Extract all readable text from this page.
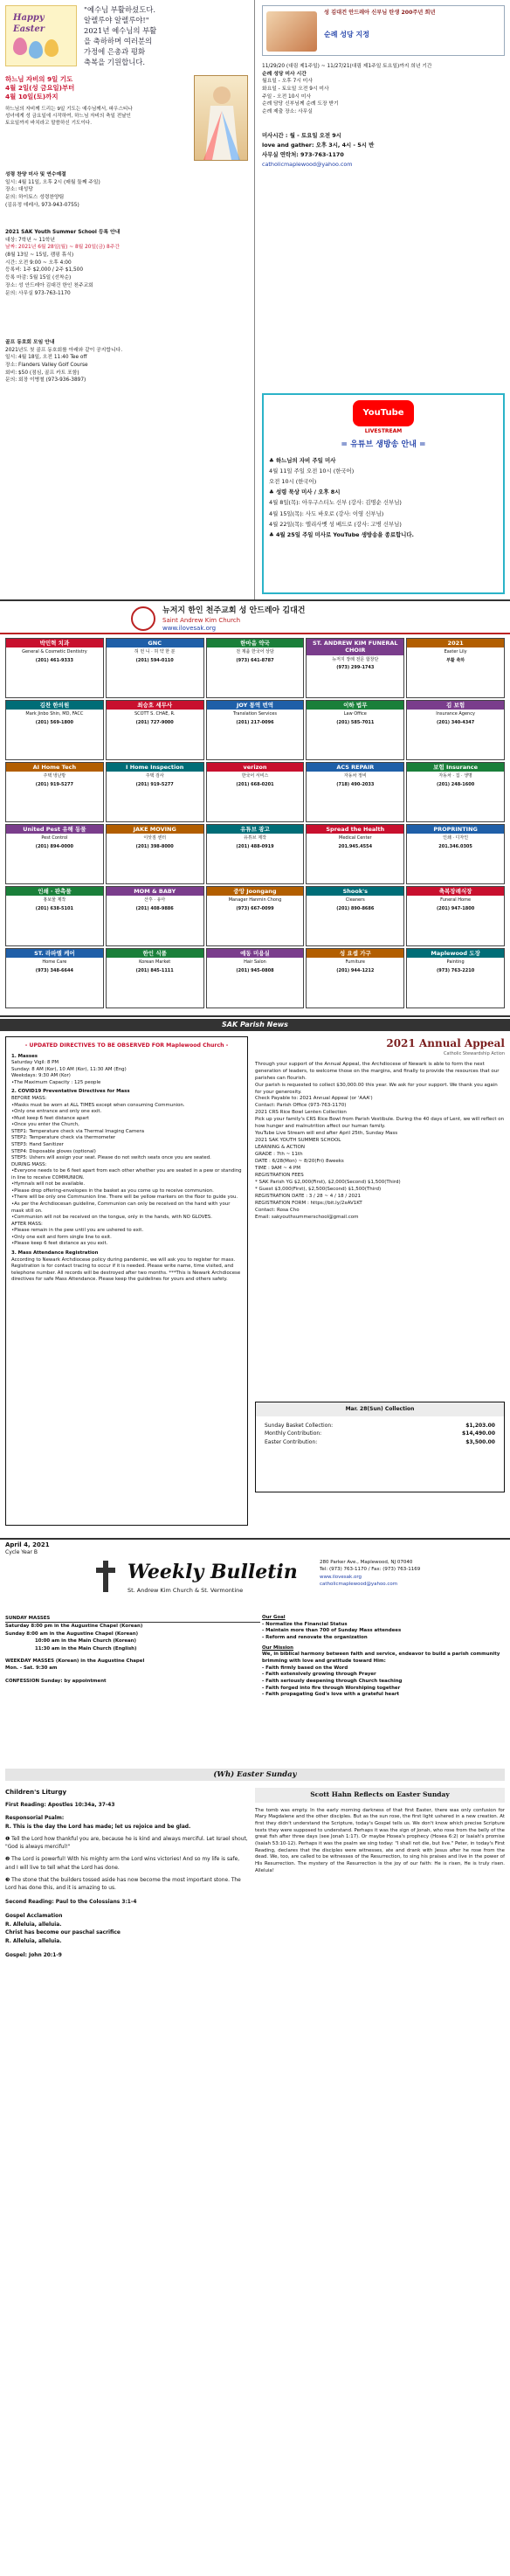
Happy
Easter
"예수님 부활하셨도다.
알렐루야 알렐루야!"
2021년 예수님의 부활
을 축하하며 여러분의
가정에 은총과 평화
축복을 기원합니다.
하느님 자비의 9일 기도
4월 2일(성 금요일)부터
4월 10일(토)까지
하느님의 자비께 드리는 9일 기도는 예수님께서, 파우스티나 성녀에게 성 금요일에 시작하여, 하느님 자비의 축일 전날인 토요일까지 바치라고 말씀하신 기도이다.
성령 찬양 미사 및 연수예절
일시: 4월 11일, 오후 2시 (매월 둘째 주일)
장소: 대성당
문의: 하이토스 성령찬양팀
(김유정 데레사, 973-943-0755)
2021 SAK Youth Summer School 등록 안내
대상: 7학년 ~ 11학년
날짜: 2021년 6월 28일(월) ~ 8월 20일(금) 8주간
(8월 13일 ~ 15일, 캠핑 휴식)
시간: 오전 9:00 ~ 오후 4:00
등록비: 1주 $2,000 / 2주 $1,500
등록 마감: 5월 15일 (선착순)
장소: 성 안드레아 김대건 한인 천주교회
문의: 사무실 973-763-1170
골프 동호회 모임 안내
2021년도 첫 골프 동호회를 아래와 같이 공지합니다.
일시: 4월 18일, 오전 11:40 Tee off
장소: Flanders Valley Golf Course
회비: $50 (점심, 골프 카트 포함)
문의: 회장 이병철 (973-936-3897)
성 김대건 안드레아 신부님 탄생 200주년 희년
순례 성당 지정
11/29/20 (대림 제1주일) ~ 11/27/21(대림 제1주일 토요일)까지 희년 기간
순례 성당 미사 시간
월요일 - 오후 7시 미사
화요일 - 토요일 오전 9시 미사
주일 - 오전 10시 미사
순례 담당 신부님께 순례 도장 받기
순례 제출 장소: 사무실
미사시간 : 월 - 토요일 오전 9시
love and gather: 오후 3시, 4시 - 5시 반
사무실 연락처: 973-763-1170
catholicmaplewood@yahoo.com
YouTube
LIVESTREAM
= 유튜브 생방송 안내 =
♣ 하느님의 자비 주일 미사
4월 11일 주일 오전 10시 (한국어)
오전 10시 (한국어)
♣ 성령 묵상 미사 / 오후 8시
4월 8일(목): 아우구스티노 신부 (강사: 김명순 신부님)
4월 15일(목): 사도 바오로 (강사: 이영 신부님)
4월 22일(목): 엘리사벳 성 베드로 (강사: 고병 신부님)
♣ 4월 25일 주일 미사로 YouTube 생방송을 종료합니다.
뉴저지 한인 천주교회 성 안드레아 김대건
Saint Andrew Kim Church
www.ilovesak.org
박민혁 치과
General & Cosmetic Dentistry
(201) 461-9333
GNC
허 먼 니 · 허 약 한 분
(201) 594-0110
한마음 약국
전 제품 한국어 상담
(973) 641-8787
ST. ANDREW KIM FUNERAL CHOIR
뉴저지 장례 전문 합창단
(973) 299-1743
2021
Easter Lily
부활 축하
김찬 한의원
Mark Jinbo Shin, MD, FACC
(201) 569-1800
최승호 세무사
SCOTT S. CHAE, R.
(201) 727-9000
JOY 통역 번역
Translation Services
(201) 217-0096
이하 법무
Law Office
(201) 585-7011
김 보험
Insurance Agency
(201) 340-4347
AI Home Tech
주택 냉난방
(201) 919-5277
I Home Inspection
주택 검사
(201) 919-5277
verizon
한국어 서비스
(201) 668-0201
ACS REPAIR
자동차 정비
(718) 490-2033
보험 Insurance
자동차 · 집 · 생명
(201) 248-1600
United Pest 유해 동물
Pest Control
(201) 894-0000
JAKE MOVING
이삿짐 센터
(201) 398-8000
유튜브 광고
유튜브 제작
(201) 488-0919
Spread the Health
Medical Center
201.945.4554
PROPRINTING
인쇄 · 디자인
201.346.0305
인쇄 · 판촉물
홍보물 제작
(201) 638-5101
MOM & BABY
산후 · 유아
(201) 408-9886
중앙 Joongang
Manager Hanmin Chong
(973) 667-0099
Shook's
Cleaners
(201) 890-8686
축복장례식장
Funeral Home
(201) 947-1800
ST. 라파엘 케어
Home Care
(973) 348-6644
한인 식품
Korean Market
(201) 845-1111
예동 미용실
Hair Salon
(201) 945-0808
성 요셉 가구
Furniture
(201) 944-1212
Maplewood 도장
Painting
(973) 763-2210
SAK Parish News
- UPDATED DIRECTIVES TO BE OBSERVED FOR Maplewood Church -
1. Masses
Saturday Vigil: 8 PM
Sunday: 8 AM (Kor), 10 AM (Kor), 11:30 AM (Eng)
Weekdays: 9:30 AM (Kor)
•The Maximum Capacity : 125 people
2. COVID19 Preventative Directives for Mass
BEFORE MASS:
•Masks must be worn at ALL TIMES except when consuming Communion.
•Only one entrance and only one exit.
•Must keep 6 feet distance apart
•Once you enter the Church,
STEP1: Temperature check via Thermal Imaging Camera
STEP2: Temperature check via thermometer
STEP3: Hand Sanitizer
STEP4: Disposable gloves (optional)
STEP5: Ushers will assign your seat. Please do not switch seats once you are seated.
DURING MASS:
•Everyone needs to be 6 feet apart from each other whether you are seated in a pew or standing in line to receive COMMUNION.
•Hymnals will not be available.
•Please drop offering-envelopes in the basket as you come up to receive communion.
•There will be only one Communion line. There will be yellow markers on the floor to guide you.
•As per the Archdiocesan guideline, Communion can only be received on the hand with your mask still on.
•Communion will not be received on the tongue, only in the hands, with NO GLOVES.
AFTER MASS:
•Please remain in the pew until you are ushered to exit.
•Only one exit and form single line to exit.
•Please keep 6 feet distance as you exit.
3. Mass Attendance Registration
According to Newark Archdiocese policy during pandemic, we will ask you to register for mass. Registration is for contact tracing to occur if it is needed. Please write name, time visited, and telephone number. All records will be destroyed after two months. ***This is Newark Archdiocese directives for safe Mass Attendance. Please keep the guidelines for yours and others safety.
2021 Annual Appeal
Catholic Stewardship Action
Through your support of the Annual Appeal, the Archdiocese of Newark is able to form the next generation of leaders, to welcome those on the margins, and finally to provide the resources that our parishes can flourish.
Our parish is requested to collect $30,000.00 this year. We ask for your support. We thank you again for your generosity.
Check Payable to: 2021 Annual Appeal (or 'AAA')
Contact: Parish Office (973-763-1170)
2021 CRS Rice Bowl Lenten Collection
Pick up your family's CRS Rice Bowl from Parish Vestibule. During the 40 days of Lent, we will reflect on how hunger and malnutrition affect our human family.
YouTube Live Stream will end after April 25th, Sunday Mass
2021 SAK YOUTH SUMMER SCHOOL
LEARNING & ACTION
GRADE : 7th ~ 11th
DATE : 6/28(Mon) ~ 8/20(Fri) 8weeks
TIME : 9AM ~ 4 PM
REGISTRATION FEES
* SAK Parish YG $2,000(First), $2,000(Second) $1,500(Third)
* Guest $3,000(First), $2,500(Second) $1,500(Third)
REGISTRATION DATE : 3 / 28 ~ 4 / 18 / 2021
REGISTRATION FORM : https://bit.ly/2xAV1KT
Contact: Rosa Cho
Email: sakyouthsummerschool@gmail.com
Mar. 28(Sun) Collection
Sunday Basket Collection:	$1,203.00
Monthly Contribution:	$14,490.00
Easter Contribution:	$3,500.00
April 4, 2021
Cycle Year B
Weekly Bulletin
St. Andrew Kim Church & St. Vermontine
280 Parker Ave., Maplewood, NJ 07040
Tel: (973) 763-1170 / Fax: (973) 763-1169
www.ilovesak.org
catholicmaplewood@yahoo.com
SUNDAY MASSES
Saturday 8:00 pm in the Augustine Chapel (Korean)
Sunday 8:00 am in the Augustine Chapel (Korean)
10:00 am in the Main Church (Korean)
11:30 am in the Main Church (English)
WEEKDAY MASSES (Korean) in the Augustine Chapel
Mon. - Sat. 9:30 am
CONFESSION Sunday: by appointment
Our Goal
- Normalize the Financial Status
- Maintain more than 700 of Sunday Mass attendees
- Reform and renovate the organization
Our Mission
We, in biblical harmony between faith and service, endeavor to build a parish community brimming with love and gratitude toward Him:
- Faith firmly based on the Word
- Faith extensively growing through Prayer
- Faith seriously deepening through Church teaching
- Faith forged into fire through Worshiping together
- Faith propagating God's love with a grateful heart
(Wh) Easter Sunday
Children's Liturgy
First Reading: Apostles 10:34a, 37-43
Responsorial Psalm:
R. This is the day the Lord has made; let us rejoice and be glad.
❶ Tell the Lord how thankful you are, because he is kind and always merciful. Let Israel shout, "God is always merciful!"
❷ The Lord is powerful! With his mighty arm the Lord wins victories! And so my life is safe, and I will live to tell what the Lord has done.
❸ The stone that the builders tossed aside has now become the most important stone. The Lord has done this, and it is amazing to us.
Second Reading: Paul to the Colossians 3:1-4
Gospel Acclamation
R. Alleluia, alleluia.
Christ has become our paschal sacrifice
R. Alleluia, alleluia.
Gospel: John 20:1-9
Scott Hahn Reflects on Easter Sunday
The tomb was empty. In the early morning darkness of that first Easter, there was only confusion for Mary Magdalene and the other disciples. But as the sun rose, the first light ushered in a new creation. At first they didn't understand the Scripture, today's Gospel tells us. We don't know which precise Scripture texts they were supposed to understand. Perhaps it was the sign of Jonah, who rose from the belly of the great fish after three days (see Jonah 1:17). Or maybe Hosea's prophecy (Hosea 6:2) or Isaiah's promise (Isaiah 53:10-12). Perhaps it was the psalm we sing today: "I shall not die, but live." Peter, in today's First Reading, declares that the disciples were witnesses, ate and drank with Jesus after he rose from the dead. We, too, are called to be witnesses of the Resurrection, to sing his praises and live in the power of His Resurrection. The mystery of the Resurrection is the joy of our faith: He is risen, He is truly risen. Alleluia!
